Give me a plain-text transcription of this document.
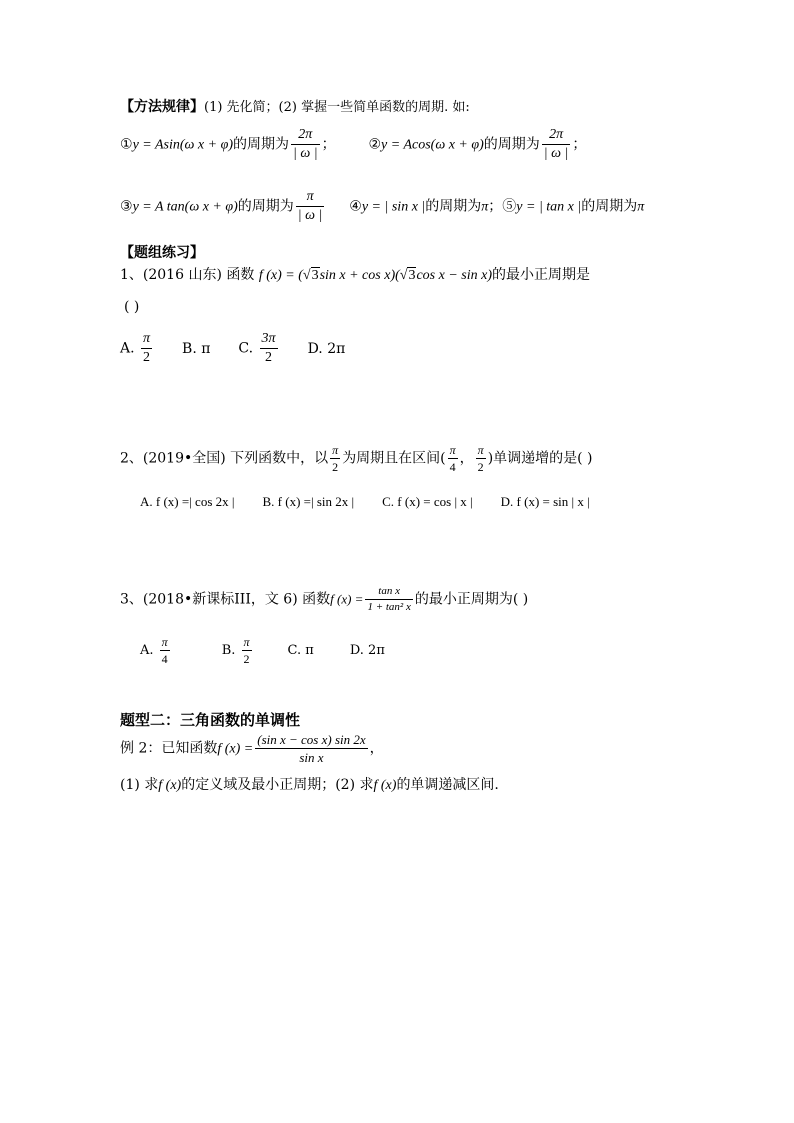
【方法规律】(1) 先化简；(2) 掌握一些简单函数的周期. 如:
①y = Asin(ω x + φ)的周期为 $\frac{2\pi}{| \omega |}$ ； ②y = Acos(ω x + φ)的周期为 $\frac{2\pi}{| \omega |}$ ；
③y = A tan(ω x + φ)的周期为 $\frac{\pi}{| \omega |}$ ④y = | sin x |的周期为π；⑤y = | tan x |的周期为π
【题组练习】
1、(2016 山东) 函数 f (x) = (√3sin x + cos x)(√3cos x − sin x)的最小正周期是
( )
A. $\frac{\pi}{2} B$. π C. $\frac{3\pi}{2} D$. 2π
2、(2019•全国) 下列函数中，以 $\frac{\pi}{2}$ 为周期且在区间( $\frac{\pi}{4}$ ， $\frac{\pi}{2}$ )单调递增的是( )
A. f (x) =| cos 2x | B. f (x) =| sin 2x | C. f (x) = cos | x | D. f (x) = sin | x |
3、(2018•新课标III，文 6) 函数f $(x) = \frac{\text{tan x}}{\text{1 + tan² x}}$ 的最小正周期为( )
A. $\frac{\pi}{4}$	B. $\frac{\pi}{2}$	C. π	D. 2π
题型二：三角函数的单调性
例 2：已知函数f $(x) = \frac{\text{(sin x − cos x) sin 2x}}{\text{sin x}}$ ，
(1) 求f (x)的定义域及最小正周期；(2) 求f (x)的单调递减区间.
